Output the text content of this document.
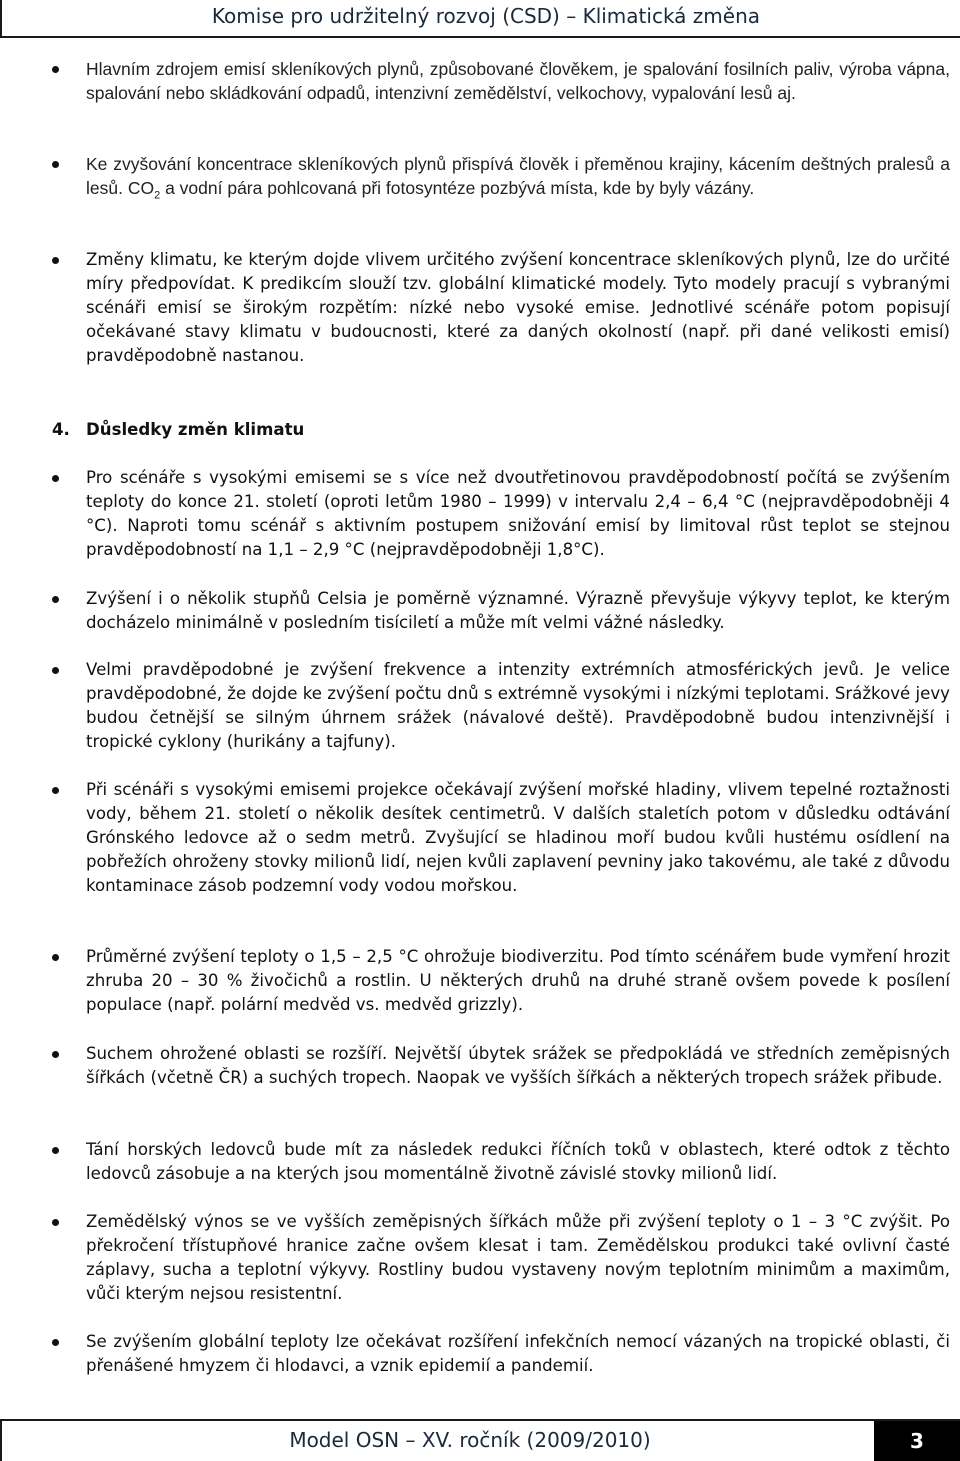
Komise pro udržitelný rozvoj (CSD) – Klimatická změna
Hlavním zdrojem emisí skleníkových plynů, způsobované člověkem, je spalování fosilních paliv, výroba vápna, spalování nebo skládkování odpadů, intenzivní zemědělství, velkochovy, vypalování lesů aj.
Ke zvyšování koncentrace skleníkových plynů přispívá člověk i přeměnou krajiny, kácením deštných pralesů a lesů. $CO_2$ a vodní pára pohlcovaná při fotosyntéze pozbývá místa, kde by byly vázány.
Změny klimatu, ke kterým dojde vlivem určitého zvýšení koncentrace skleníkových plynů, lze do určité míry předpovídat. K predikcím slouží tzv. globální klimatické modely. Tyto modely pracují s vybranými scénáři emisí se širokým rozpětím: nízké nebo vysoké emise. Jednotlivé scénáře potom popisují očekávané stavy klimatu v budoucnosti, které za daných okolností (např. při dané velikosti emisí) pravděpodobně nastanou.
4. Důsledky změn klimatu
Pro scénáře s vysokými emisemi se s více než dvoutřetinovou pravděpodobností počítá se zvýšením teploty do konce 21. století (oproti letům 1980 – 1999) v intervalu 2,4 – 6,4 °C (nejpravděpodobněji 4 °C). Naproti tomu scénář s aktivním postupem snižování emisí by limitoval růst teplot se stejnou pravděpodobností na 1,1 – 2,9 °C (nejpravděpodobněji 1,8°C).
Zvýšení i o několik stupňů Celsia je poměrně významné. Výrazně převyšuje výkyvy teplot, ke kterým docházelo minimálně v posledním tisíciletí a může mít velmi vážné následky.
Velmi pravděpodobné je zvýšení frekvence a intenzity extrémních atmosférických jevů. Je velice pravděpodobné, že dojde ke zvýšení počtu dnů s extrémně vysokými i nízkými teplotami. Srážkové jevy budou četnější se silným úhrnem srážek (návalové deště). Pravděpodobně budou intenzivnější i tropické cyklony (hurikány a tajfuny).
Při scénáři s vysokými emisemi projekce očekávají zvýšení mořské hladiny, vlivem tepelné roztažnosti vody, během 21. století o několik desítek centimetrů. V dalších staletích potom v důsledku odtávání Grónského ledovce až o sedm metrů. Zvyšující se hladinou moří budou kvůli hustému osídlení na pobřežích ohroženy stovky milionů lidí, nejen kvůli zaplavení pevniny jako takovému, ale také z důvodu kontaminace zásob podzemní vody vodou mořskou.
Průměrné zvýšení teploty o 1,5 – 2,5 °C ohrožuje biodiverzitu. Pod tímto scénářem bude vymření hrozit zhruba 20 – 30 % živočichů a rostlin. U některých druhů na druhé straně ovšem povede k posílení populace (např. polární medvěd vs. medvěd grizzly).
Suchem ohrožené oblasti se rozšíří. Největší úbytek srážek se předpokládá ve středních zeměpisných šířkách (včetně ČR) a suchých tropech. Naopak ve vyšších šířkách a některých tropech srážek přibude.
Tání horských ledovců bude mít za následek redukci říčních toků v oblastech, které odtok z těchto ledovců zásobuje a na kterých jsou momentálně životně závislé stovky milionů lidí.
Zemědělský výnos se ve vyšších zeměpisných šířkách může při zvýšení teploty o 1 – 3 °C zvýšit. Po překročení třístupňové hranice začne ovšem klesat i tam. Zemědělskou produkci také ovlivní časté záplavy, sucha a teplotní výkyvy. Rostliny budou vystaveny novým teplotním minimům a maximům, vůči kterým nejsou resistentní.
Se zvýšením globální teploty lze očekávat rozšíření infekčních nemocí vázaných na tropické oblasti, či přenášené hmyzem či hlodavci, a vznik epidemií a pandemií.
Model OSN – XV. ročník (2009/2010)	3
